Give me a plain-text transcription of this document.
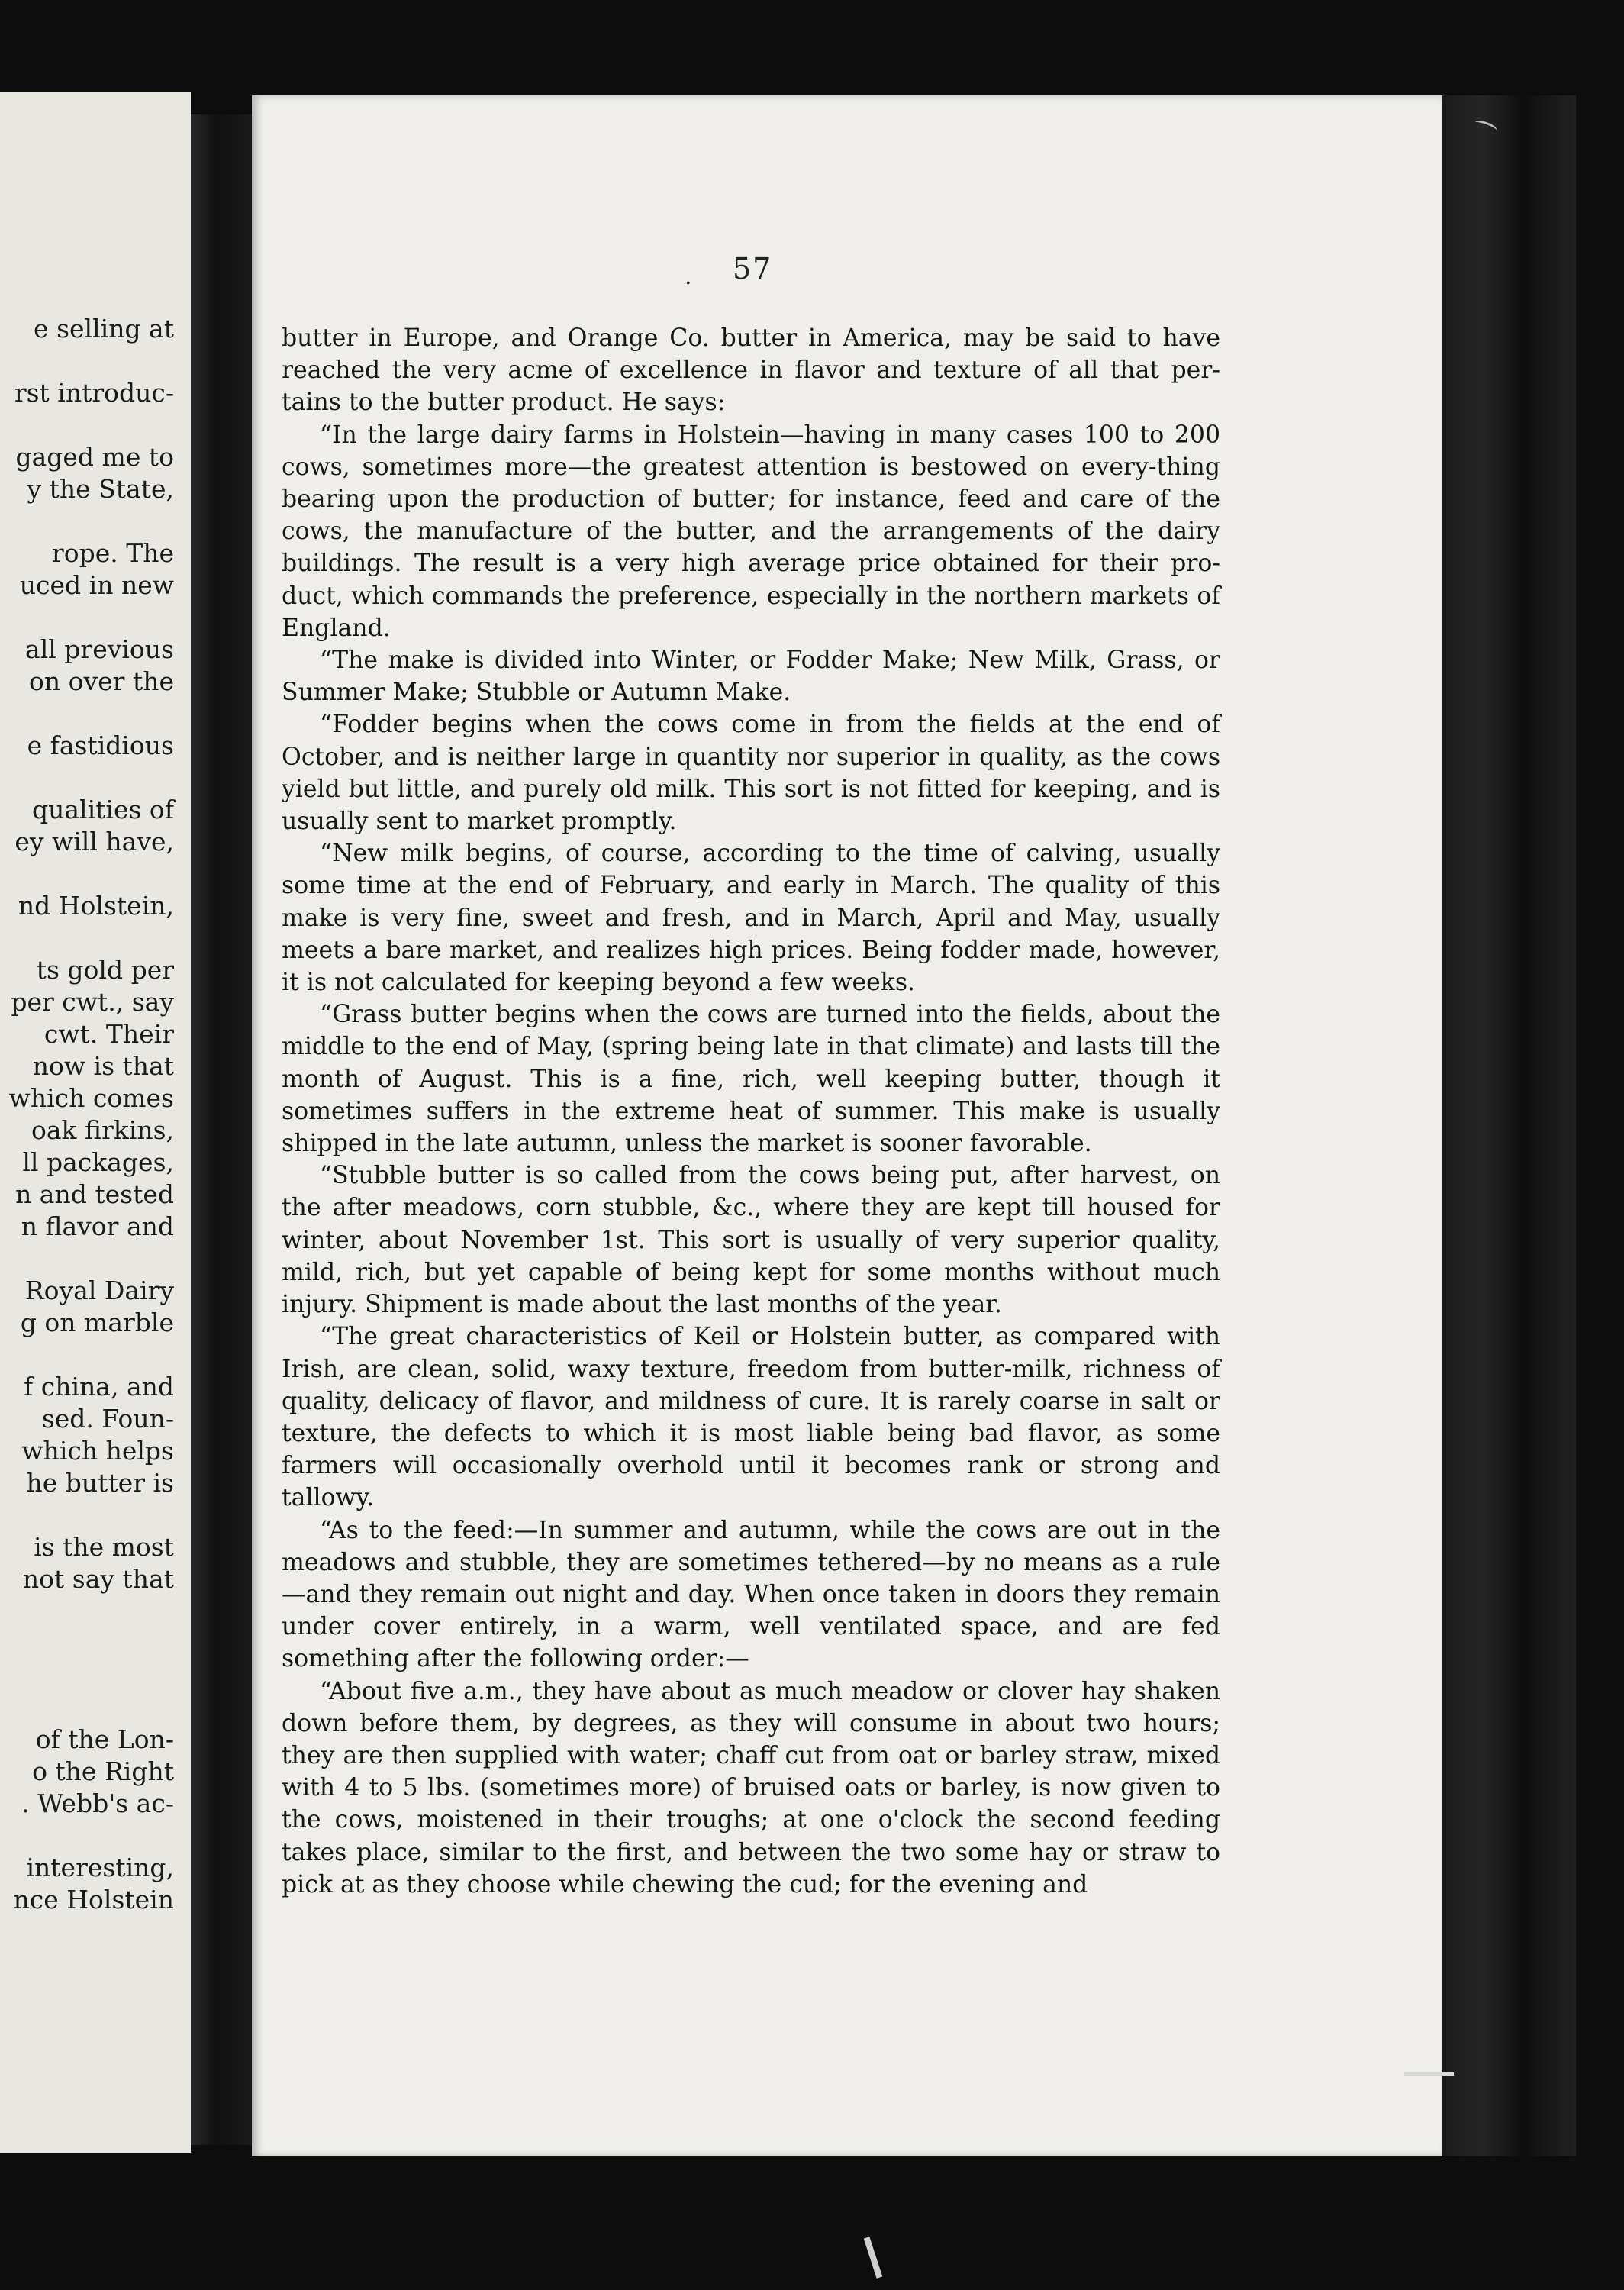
e selling at
rst introduc-
gaged me to
y the State,
rope. The
uced in new
all previous
on over the
e fastidious
qualities of
ey will have,
nd Holstein,
ts gold per
per cwt., say
cwt. Their
now is that
which comes
oak firkins,
ll packages,
n and tested
n flavor and
Royal Dairy
g on marble
f china, and
sed. Foun-
which helps
he butter is
is the most
not say that
of the Lon-
o the Right
. Webb's ac-
interesting,
nce Holstein
. 57

butter in Europe, and Orange Co. butter in America, may be said to have reached the very acme of excellence in flavor and texture of all that per-tains to the butter product. He says:

“In the large dairy farms in Holstein—having in many cases 100 to 200 cows, sometimes more—the greatest attention is bestowed on every-thing bearing upon the production of butter; for instance, feed and care of the cows, the manufacture of the butter, and the arrangements of the dairy buildings. The result is a very high average price obtained for their pro-duct, which commands the preference, especially in the northern markets of England.

“The make is divided into Winter, or Fodder Make; New Milk, Grass, or Summer Make; Stubble or Autumn Make.

“Fodder begins when the cows come in from the fields at the end of October, and is neither large in quantity nor superior in quality, as the cows yield but little, and purely old milk. This sort is not fitted for keeping, and is usually sent to market promptly.

“New milk begins, of course, according to the time of calving, usually some time at the end of February, and early in March. The quality of this make is very fine, sweet and fresh, and in March, April and May, usually meets a bare market, and realizes high prices. Being fodder made, however, it is not calculated for keeping beyond a few weeks.

“Grass butter begins when the cows are turned into the fields, about the middle to the end of May, (spring being late in that climate) and lasts till the month of August. This is a fine, rich, well keeping butter, though it sometimes suffers in the extreme heat of summer. This make is usually shipped in the late autumn, unless the market is sooner favorable.

“Stubble butter is so called from the cows being put, after harvest, on the after meadows, corn stubble, &c., where they are kept till housed for winter, about November 1st. This sort is usually of very superior quality, mild, rich, but yet capable of being kept for some months without much injury. Shipment is made about the last months of the year.

“The great characteristics of Keil or Holstein butter, as compared with Irish, are clean, solid, waxy texture, freedom from butter-milk, richness of quality, delicacy of flavor, and mildness of cure. It is rarely coarse in salt or texture, the defects to which it is most liable being bad flavor, as some farmers will occasionally overhold until it becomes rank or strong and tallowy.

“As to the feed:—In summer and autumn, while the cows are out in the meadows and stubble, they are sometimes tethered—by no means as a rule—and they remain out night and day. When once taken in doors they remain under cover entirely, in a warm, well ventilated space, and are fed something after the following order:—

“About five a.m., they have about as much meadow or clover hay shaken down before them, by degrees, as they will consume in about two hours; they are then supplied with water; chaff cut from oat or barley straw, mixed with 4 to 5 lbs. (sometimes more) of bruised oats or barley, is now given to the cows, moistened in their troughs; at one o'clock the second feeding takes place, similar to the first, and between the two some hay or straw to pick at as they choose while chewing the cud; for the evening and
